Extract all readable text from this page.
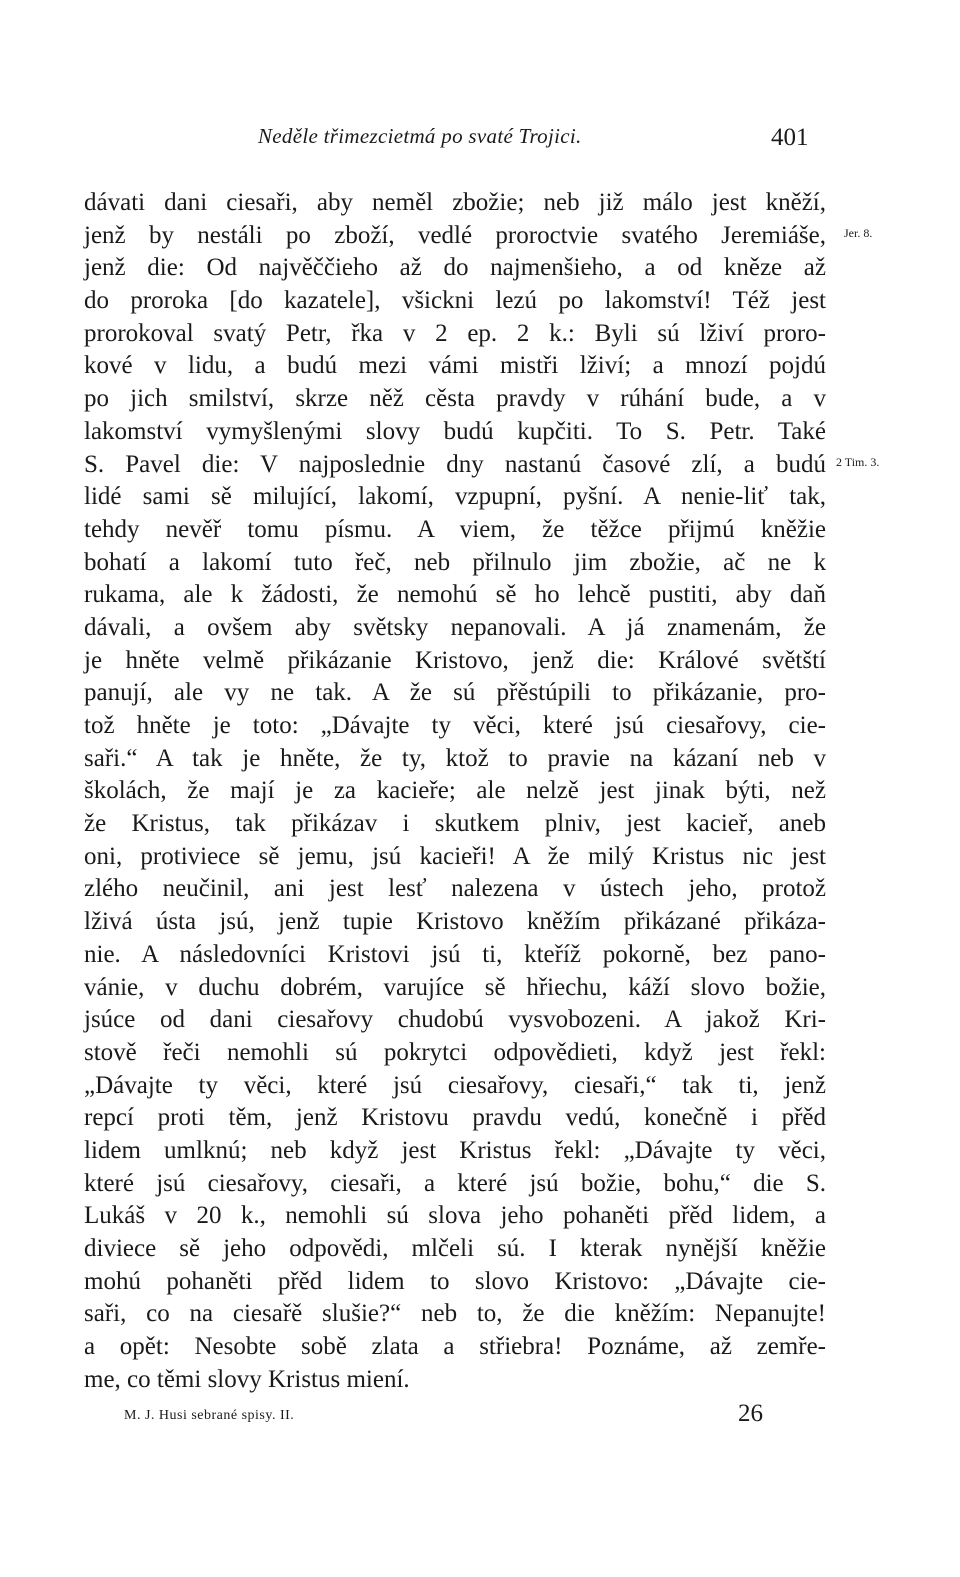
Neděle třimezcietmá po svaté Trojici.	401
dávati dani ciesaři, aby neměl zbožie; neb již málo jest kněží,
jenž by nestáli po zboží, vedlé proroctvie svatého Jeremiáše,
jenž die: Od najvěččieho až do najmenšieho, a od kněze až
do proroka [do kazatele], všickni lezú po lakomství! Též jest
prorokoval svatý Petr, řka v 2 ep. 2 k.: Byli sú lživí proro-
kové v lidu, a budú mezi vámi mistři lživí; a mnozí pojdú
po jich smilství, skrze něž cěsta pravdy v rúhání bude, a v
lakomství vymyšlenými slovy budú kupčiti. To S. Petr. Také
S. Pavel die: V najposlednie dny nastanú časové zlí, a budú
lidé sami sě milující, lakomí, vzpupní, pyšní. A nenie-liť tak,
tehdy nevěř tomu písmu. A viem, že těžce přijmú kněžie
bohatí a lakomí tuto řeč, neb přilnulo jim zbožie, ač ne k
rukama, ale k žádosti, že nemohú sě ho lehcě pustiti, aby daň
dávali, a ovšem aby světsky nepanovali. A já znamenám, že
je hněte velmě přikázanie Kristovo, jenž die: Králové světští
panují, ale vy ne tak. A že sú přěstúpili to přikázanie, pro-
tož hněte je toto: „Dávajte ty věci, které jsú ciesařovy, cie-
saři.“ A tak je hněte, že ty, ktož to pravie na kázaní neb v
školách, že mají je za kacieře; ale nelzě jest jinak býti, než
že Kristus, tak přikázav i skutkem plniv, jest kacieř, aneb
oni, protiviece sě jemu, jsú kacieři! A že milý Kristus nic jest
zlého neučinil, ani jest lesť nalezena v ústech jeho, protož
lživá ústa jsú, jenž tupie Kristovo kněžím přikázané přikáza-
nie. A následovníci Kristovi jsú ti, kteříž pokorně, bez pano-
vánie, v duchu dobrém, varujíce sě hřiechu, káží slovo božie,
jsúce od dani ciesařovy chudobú vysvobozeni. A jakož Kri-
stově řeči nemohli sú pokrytci odpovědieti, když jest řekl:
„Dávajte ty věci, které jsú ciesařovy, ciesaři,“ tak ti, jenž
repcí proti těm, jenž Kristovu pravdu vedú, konečně i přěd
lidem umlknú; neb když jest Kristus řekl: „Dávajte ty věci,
které jsú ciesařovy, ciesaři, a které jsú božie, bohu,“ die S.
Lukáš v 20 k., nemohli sú slova jeho pohaněti přěd lidem, a
diviece sě jeho odpovědi, mlčeli sú. I kterak nynější kněžie
mohú pohaněti přěd lidem to slovo Kristovo: „Dávajte cie-
saři, co na ciesařě slušie?“ neb to, že die kněžím: Nepanujte!
a opět: Nesobte sobě zlata a střiebra! Poznáme, až zemře-
me, co těmi slovy Kristus miení.
Jer. 8.
2 Tim. 3.
M. J. Husi sebrané spisy. II.	26
